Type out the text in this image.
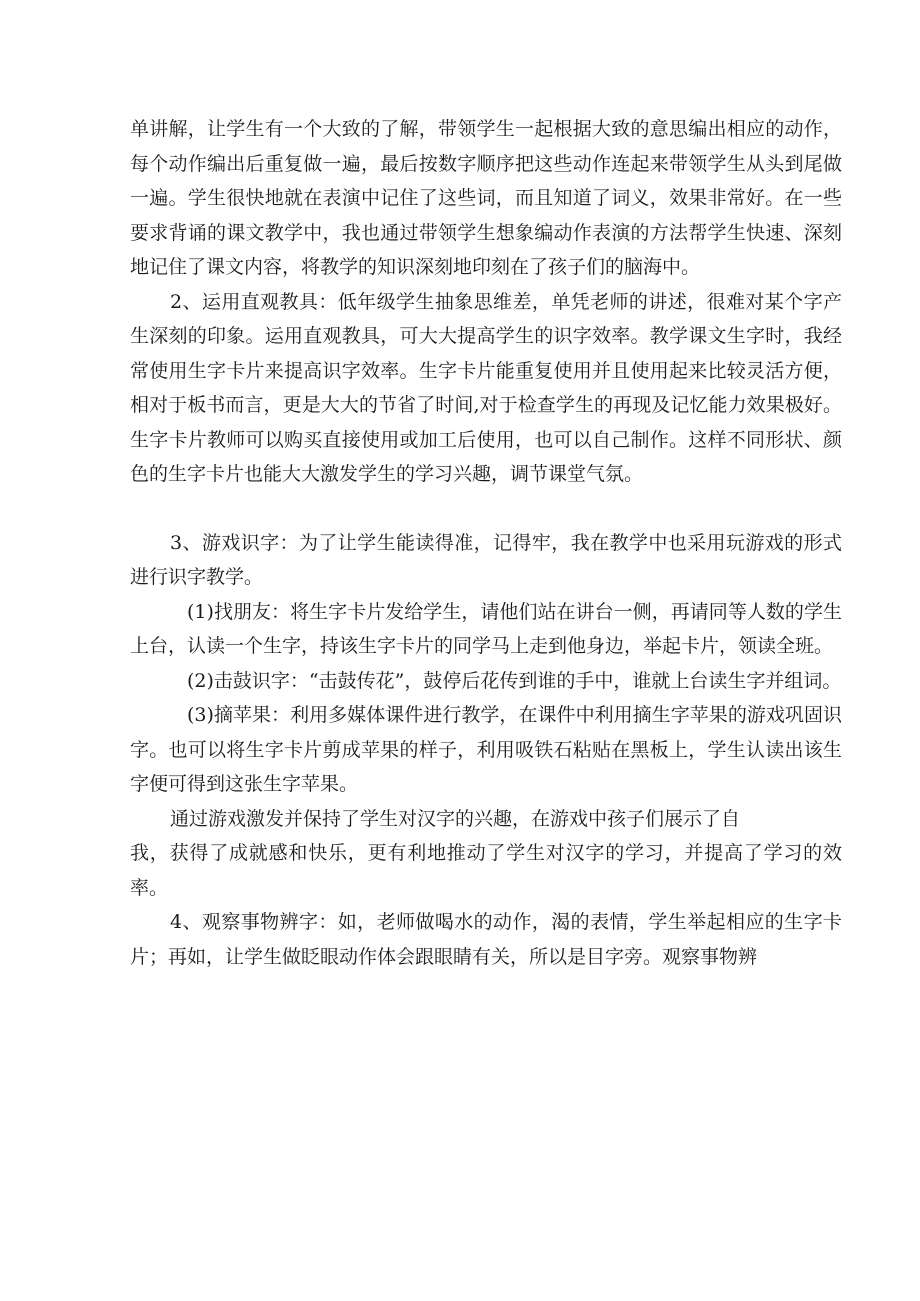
单讲解，让学生有一个大致的了解，带领学生一起根据大致的意思编出相应的动作，每个动作编出后重复做一遍，最后按数字顺序把这些动作连起来带领学生从头到尾做一遍。学生很快地就在表演中记住了这些词，而且知道了词义，效果非常好。在一些要求背诵的课文教学中，我也通过带领学生想象编动作表演的方法帮学生快速、深刻地记住了课文内容，将教学的知识深刻地印刻在了孩子们的脑海中。

2、运用直观教具：低年级学生抽象思维差，单凭老师的讲述，很难对某个字产生深刻的印象。运用直观教具，可大大提高学生的识字效率。教学课文生字时，我经常使用生字卡片来提高识字效率。生字卡片能重复使用并且使用起来比较灵活方便，相对于板书而言，更是大大的节省了时间,对于检查学生的再现及记忆能力效果极好。生字卡片教师可以购买直接使用或加工后使用，也可以自己制作。这样不同形状、颜色的生字卡片也能大大激发学生的学习兴趣，调节课堂气氛。

3、游戏识字：为了让学生能读得准，记得牢，我在教学中也采用玩游戏的形式进行识字教学。

(1)找朋友：将生字卡片发给学生，请他们站在讲台一侧，再请同等人数的学生上台，认读一个生字，持该生字卡片的同学马上走到他身边，举起卡片，领读全班。

(2)击鼓识字：“击鼓传花”，鼓停后花传到谁的手中，谁就上台读生字并组词。

(3)摘苹果：利用多媒体课件进行教学，在课件中利用摘生字苹果的游戏巩固识字。也可以将生字卡片剪成苹果的样子，利用吸铁石粘贴在黑板上，学生认读出该生字便可得到这张生字苹果。

通过游戏激发并保持了学生对汉字的兴趣，在游戏中孩子们展示了自

我，获得了成就感和快乐，更有利地推动了学生对汉字的学习，并提高了学习的效率。

4、观察事物辨字：如，老师做喝水的动作，渴的表情，学生举起相应的生字卡片；再如，让学生做眨眼动作体会跟眼睛有关，所以是目字旁。观察事物辨
